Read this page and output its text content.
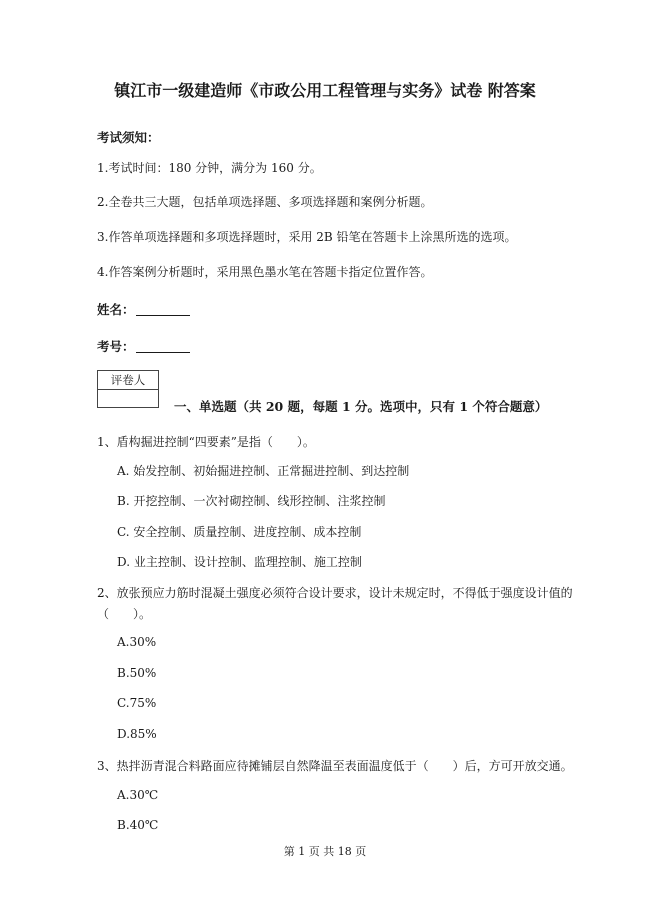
镇江市一级建造师《市政公用工程管理与实务》试卷 附答案
考试须知：
1.考试时间：180 分钟，满分为 160 分。
2.全卷共三大题，包括单项选择题、多项选择题和案例分析题。
3.作答单项选择题和多项选择题时，采用 2B 铅笔在答题卡上涂黑所选的选项。
4.作答案例分析题时，采用黑色墨水笔在答题卡指定位置作答。
姓名：
考号：
评卷人
一、单选题（共 20 题，每题 1 分。选项中，只有 1 个符合题意）
1、盾构掘进控制“四要素”是指（　　）。
A. 始发控制、初始掘进控制、正常掘进控制、到达控制
B. 开挖控制、一次衬砌控制、线形控制、注浆控制
C. 安全控制、质量控制、进度控制、成本控制
D. 业主控制、设计控制、监理控制、施工控制
2、放张预应力筋时混凝土强度必须符合设计要求，设计未规定时，不得低于强度设计值的
（　　）。
A.30%
B.50%
C.75%
D.85%
3、热拌沥青混合料路面应待摊铺层自然降温至表面温度低于（　　）后，方可开放交通。
A.30℃
B.40℃
第 1 页 共 18 页
